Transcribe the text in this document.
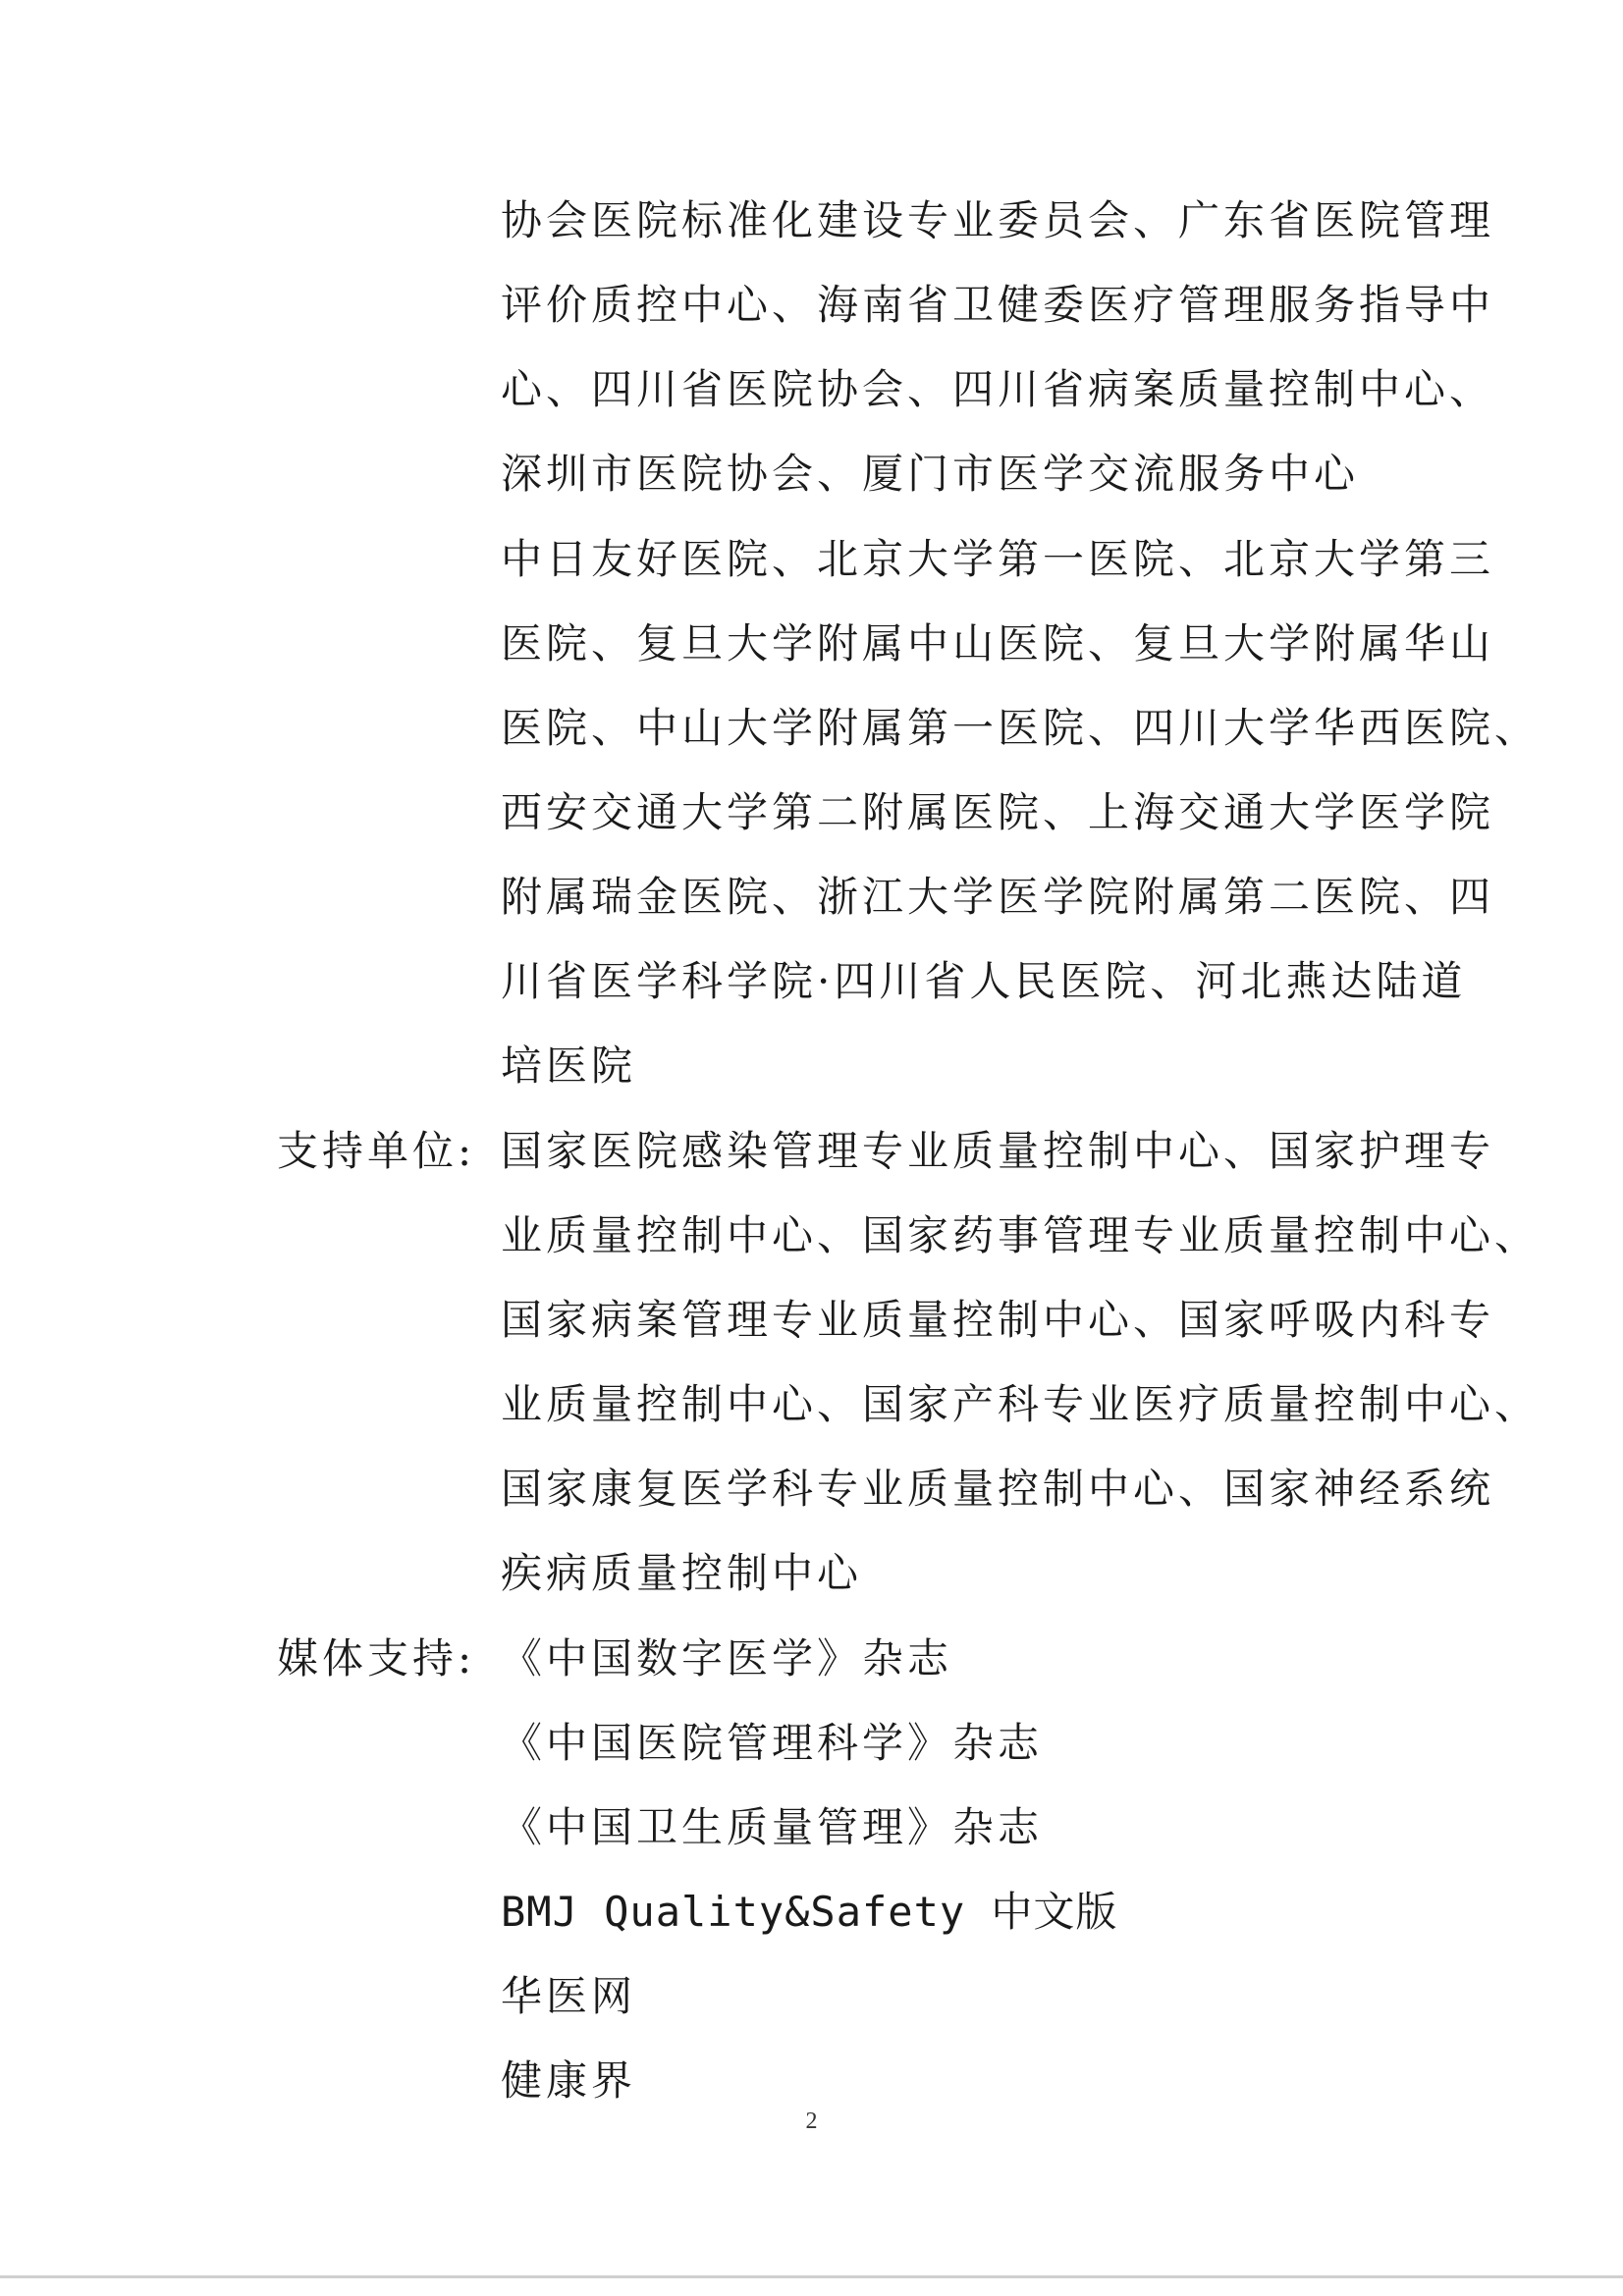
协会医院标准化建设专业委员会、广东省医院管理
评价质控中心、海南省卫健委医疗管理服务指导中
心、四川省医院协会、四川省病案质量控制中心、
深圳市医院协会、厦门市医学交流服务中心
中日友好医院、北京大学第一医院、北京大学第三
医院、复旦大学附属中山医院、复旦大学附属华山
医院、中山大学附属第一医院、四川大学华西医院、
西安交通大学第二附属医院、上海交通大学医学院
附属瑞金医院、浙江大学医学院附属第二医院、四
川省医学科学院·四川省人民医院、河北燕达陆道
培医院
支持单位: 国家医院感染管理专业质量控制中心、国家护理专
业质量控制中心、国家药事管理专业质量控制中心、
国家病案管理专业质量控制中心、国家呼吸内科专
业质量控制中心、国家产科专业医疗质量控制中心、
国家康复医学科专业质量控制中心、国家神经系统
疾病质量控制中心
媒体支持: 《中国数字医学》杂志
《中国医院管理科学》杂志
《中国卫生质量管理》杂志
BMJ Quality&Safety 中文版
华医网
健康界
2
